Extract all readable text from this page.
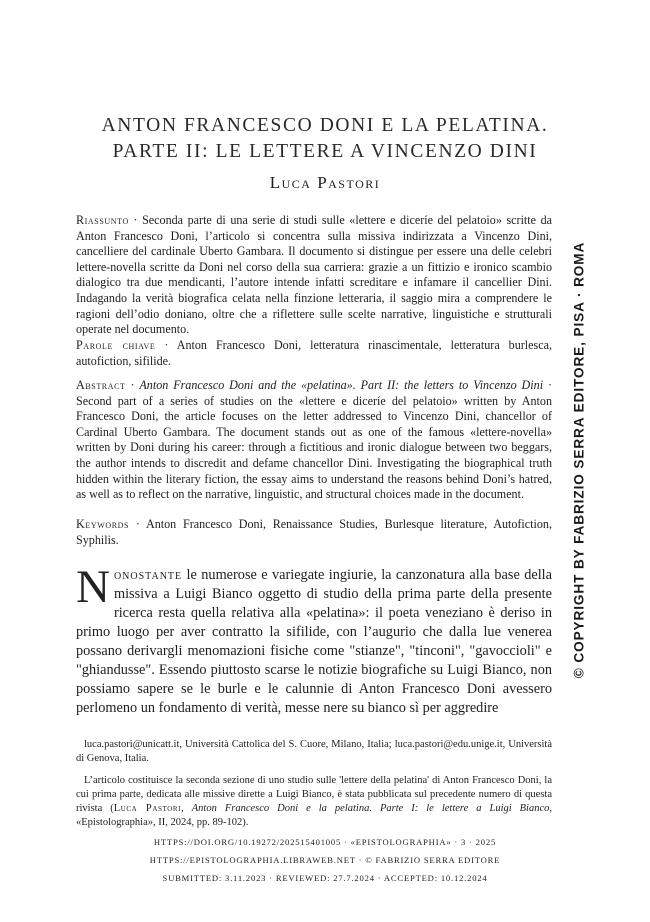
ANTON FRANCESCO DONI E LA PELATINA.
PARTE II: LE LETTERE A VINCENZO DINI
Luca Pastori
Riassunto · Seconda parte di una serie di studi sulle «lettere e diceríe del pelatoio» scritte da Anton Francesco Doni, l’articolo si concentra sulla missiva indirizzata a Vincenzo Dini, cancelliere del cardinale Uberto Gambara. Il documento si distingue per essere una delle celebri lettere-novella scritte da Doni nel corso della sua carriera: grazie a un fittizio e ironico scambio dialogico tra due mendicanti, l’autore intende infatti screditare e infamare il cancellier Dini. Indagando la verità biografica celata nella finzione letteraria, il saggio mira a comprendere le ragioni dell’odio doniano, oltre che a riflettere sulle scelte narrative, linguistiche e strutturali operate nel documento.
Parole chiave · Anton Francesco Doni, letteratura rinascimentale, letteratura burlesca, autofiction, sifilide.
Abstract · Anton Francesco Doni and the «pelatina». Part II: the letters to Vincenzo Dini · Second part of a series of studies on the «lettere e diceríe del pelatoio» written by Anton Francesco Doni, the article focuses on the letter addressed to Vincenzo Dini, chancellor of Cardinal Uberto Gambara. The document stands out as one of the famous «lettere-novella» written by Doni during his career: through a fictitious and ironic dialogue between two beggars, the author intends to discredit and defame chancellor Dini. Investigating the biographical truth hidden within the literary fiction, the essay aims to understand the reasons behind Doni’s hatred, as well as to reflect on the narrative, linguistic, and structural choices made in the document.
Keywords · Anton Francesco Doni, Renaissance Studies, Burlesque literature, Autofiction, Syphilis.

Nonostante le numerose e variegate ingiurie, la canzonatura alla base della missiva a Luigi Bianco oggetto di studio della prima parte della presente ricerca resta quella relativa alla «pelatina»: il poeta veneziano è deriso in primo luogo per aver contratto la sifilide, con l’augurio che dalla lue venerea possano derivargli menomazioni fisiche come "stianze", "tinconi", "gavoccioli" e "ghiandusse". Essendo piuttosto scarse le notizie biografiche su Luigi Bianco, non possiamo sapere se le burle e le calunnie di Anton Francesco Doni avessero perlomeno un fondamento di verità, messe nere su bianco sì per aggredire

luca.pastori@unicatt.it, Università Cattolica del S. Cuore, Milano, Italia; luca.pastori@edu.unige.it, Università di Genova, Italia.

L’articolo costituisce la seconda sezione di uno studio sulle 'lettere della pelatina' di Anton Francesco Doni, la cui prima parte, dedicata alle missive dirette a Luigi Bianco, è stata pubblicata sul precedente numero di questa rivista (Luca Pastori, Anton Francesco Doni e la pelatina. Parte I: le lettere a Luigi Bianco, «Epistolographia», II, 2024, pp. 89-102).

HTTPS://DOI.ORG/10.19272/202515401005 · «EPISTOLOGRAPHIA» · 3 · 2025
HTTPS://EPISTOLOGRAPHIA.LIBRAWEB.NET · © FABRIZIO SERRA EDITORE
SUBMITTED: 3.11.2023 · REVIEWED: 27.7.2024 · ACCEPTED: 10.12.2024
© COPYRIGHT BY FABRIZIO SERRA EDITORE, PISA · ROMA
